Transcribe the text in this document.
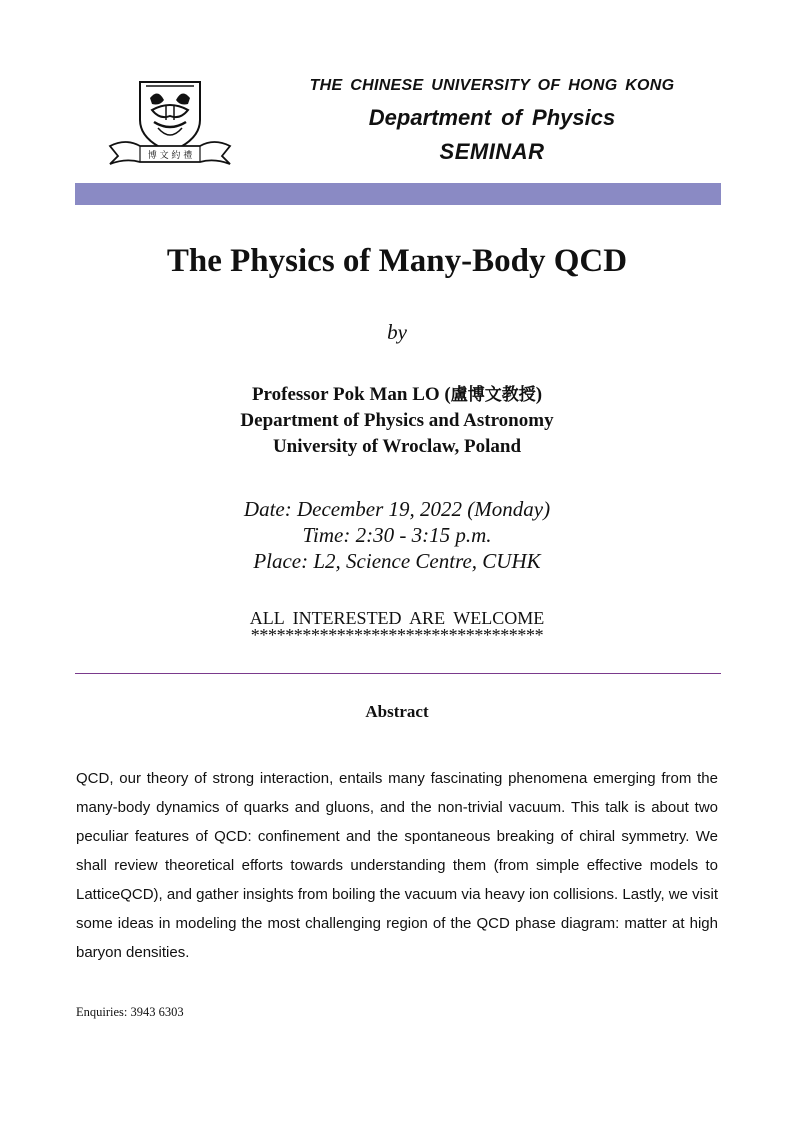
博 文 約 禮
THE CHINESE UNIVERSITY OF HONG KONG
Department of Physics
SEMINAR
The Physics of Many-Body QCD
by
Professor Pok Man LO (盧博文教授)
Department of Physics and Astronomy
University of Wroclaw, Poland
Date: December 19, 2022 (Monday)
Time: 2:30 - 3:15 p.m.
Place: L2, Science Centre, CUHK
ALL INTERESTED ARE WELCOME
**********************************
Abstract
QCD, our theory of strong interaction, entails many fascinating phenomena emerging from the many-body dynamics of quarks and gluons, and the non-trivial vacuum. This talk is about two peculiar features of QCD: confinement and the spontaneous breaking of chiral symmetry. We shall review theoretical efforts towards understanding them (from simple effective models to LatticeQCD), and gather insights from boiling the vacuum via heavy ion collisions. Lastly, we visit some ideas in modeling the most challenging region of the QCD phase diagram: matter at high baryon densities.
Enquiries: 3943 6303
